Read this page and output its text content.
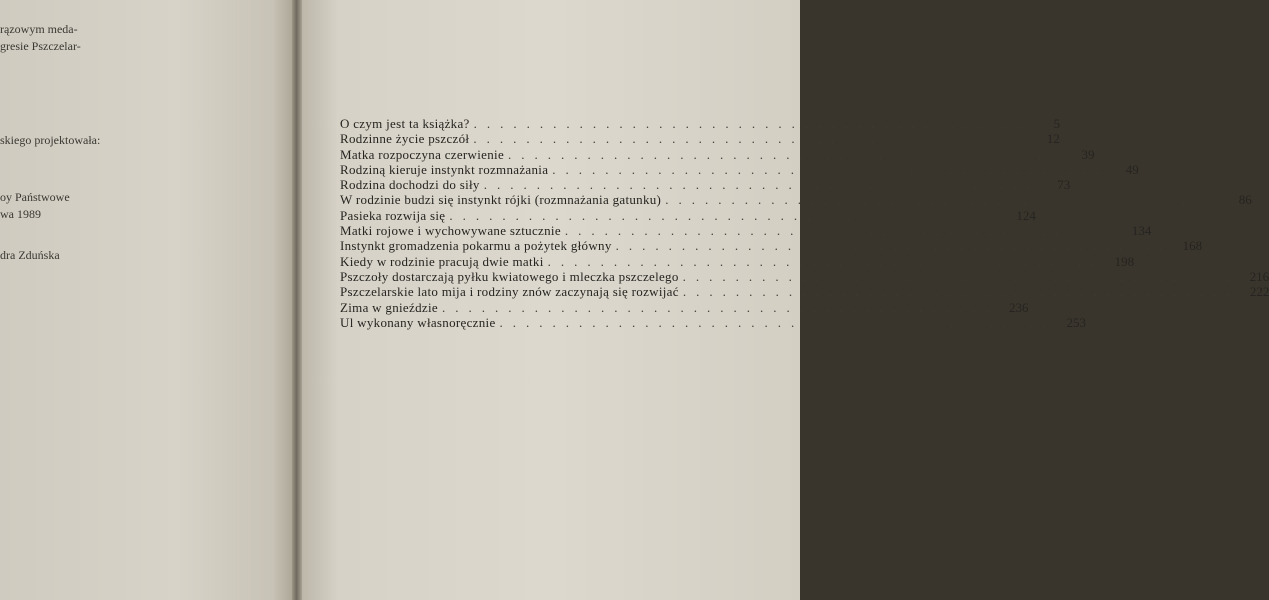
rązowym meda-
gresie Pszczelar-
skiego projektowała:
oy Państwowe
wa 1989
dra Zduńska
O czym jest ta książka? ..........................................	5
Rodzinne życie pszczół ..........................................	12
Matka rozpoczyna czerwienie ..........................................	39
Rodziną kieruje instynkt rozmnażania ..........................................	49
Rodzina dochodzi do siły ..........................................	73
W rodzinie budzi się instynkt rójki (rozmnażania gatunku) ..........................................	86
Pasieka rozwija się .......................................... 124
Matki rojowe i wychowywane sztucznie .......................................... 134
Instynkt gromadzenia pokarmu a pożytek główny .......................................... 168
Kiedy w rodzinie pracują dwie matki .......................................... 198
Pszczoły dostarczają pyłku kwiatowego i mleczka pszczelego .......................................... 216
Pszczelarskie lato mija i rodziny znów zaczynają się rozwijać .......................................... 222
Zima w gnieździe .......................................... 236
Ul wykonany własnoręcznie .......................................... 253
